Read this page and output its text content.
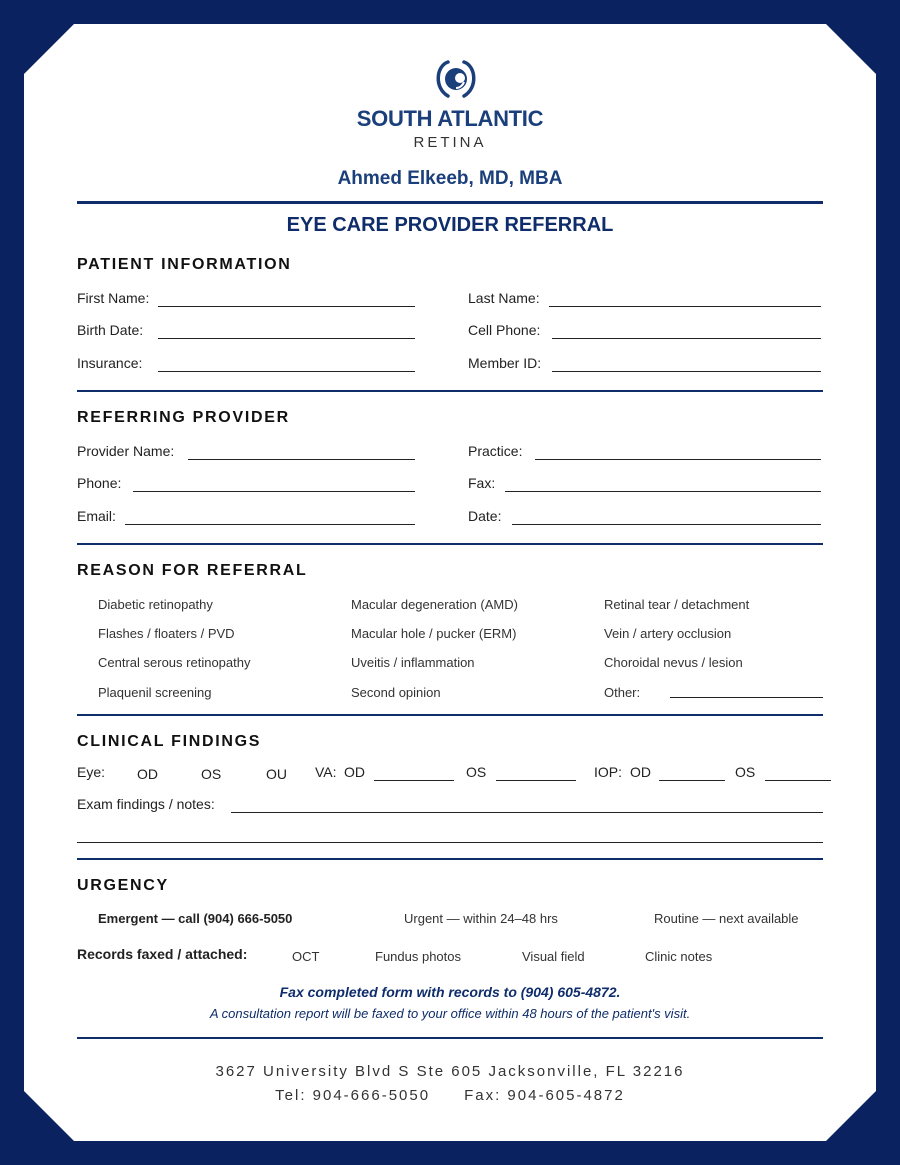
SOUTH ATLANTIC
RETINA
Ahmed Elkeeb, MD, MBA
EYE CARE PROVIDER REFERRAL
PATIENT INFORMATION
First Name:	Last Name:
Birth Date:	Cell Phone:
Insurance:	Member ID:
REFERRING PROVIDER
Provider Name:	Practice:
Phone:	Fax:
Email:	Date:
REASON FOR REFERRAL
Diabetic retinopathy	Macular degeneration (AMD)	Retinal tear / detachment
Flashes / floaters / PVD	Macular hole / pucker (ERM)	Vein / artery occlusion
Central serous retinopathy	Uveitis / inflammation	Choroidal nevus / lesion
Plaquenil screening	Second opinion	Other:
CLINICAL FINDINGS
Eye: OD	OS	OU VA: OD	OS	IOP: OD	OS
Exam findings / notes:
URGENCY
Emergent — call (904) 666-5050	Urgent — within 24–48 hrs	Routine — next available
Records faxed / attached:	OCT	Fundus photos	Visual field	Clinic notes
Fax completed form with records to (904) 605-4872.
A consultation report will be faxed to your office within 48 hours of the patient's visit.
3627 University Blvd S Ste 605 Jacksonville, FL 32216
Tel: 904-666-5050 Fax: 904-605-4872
